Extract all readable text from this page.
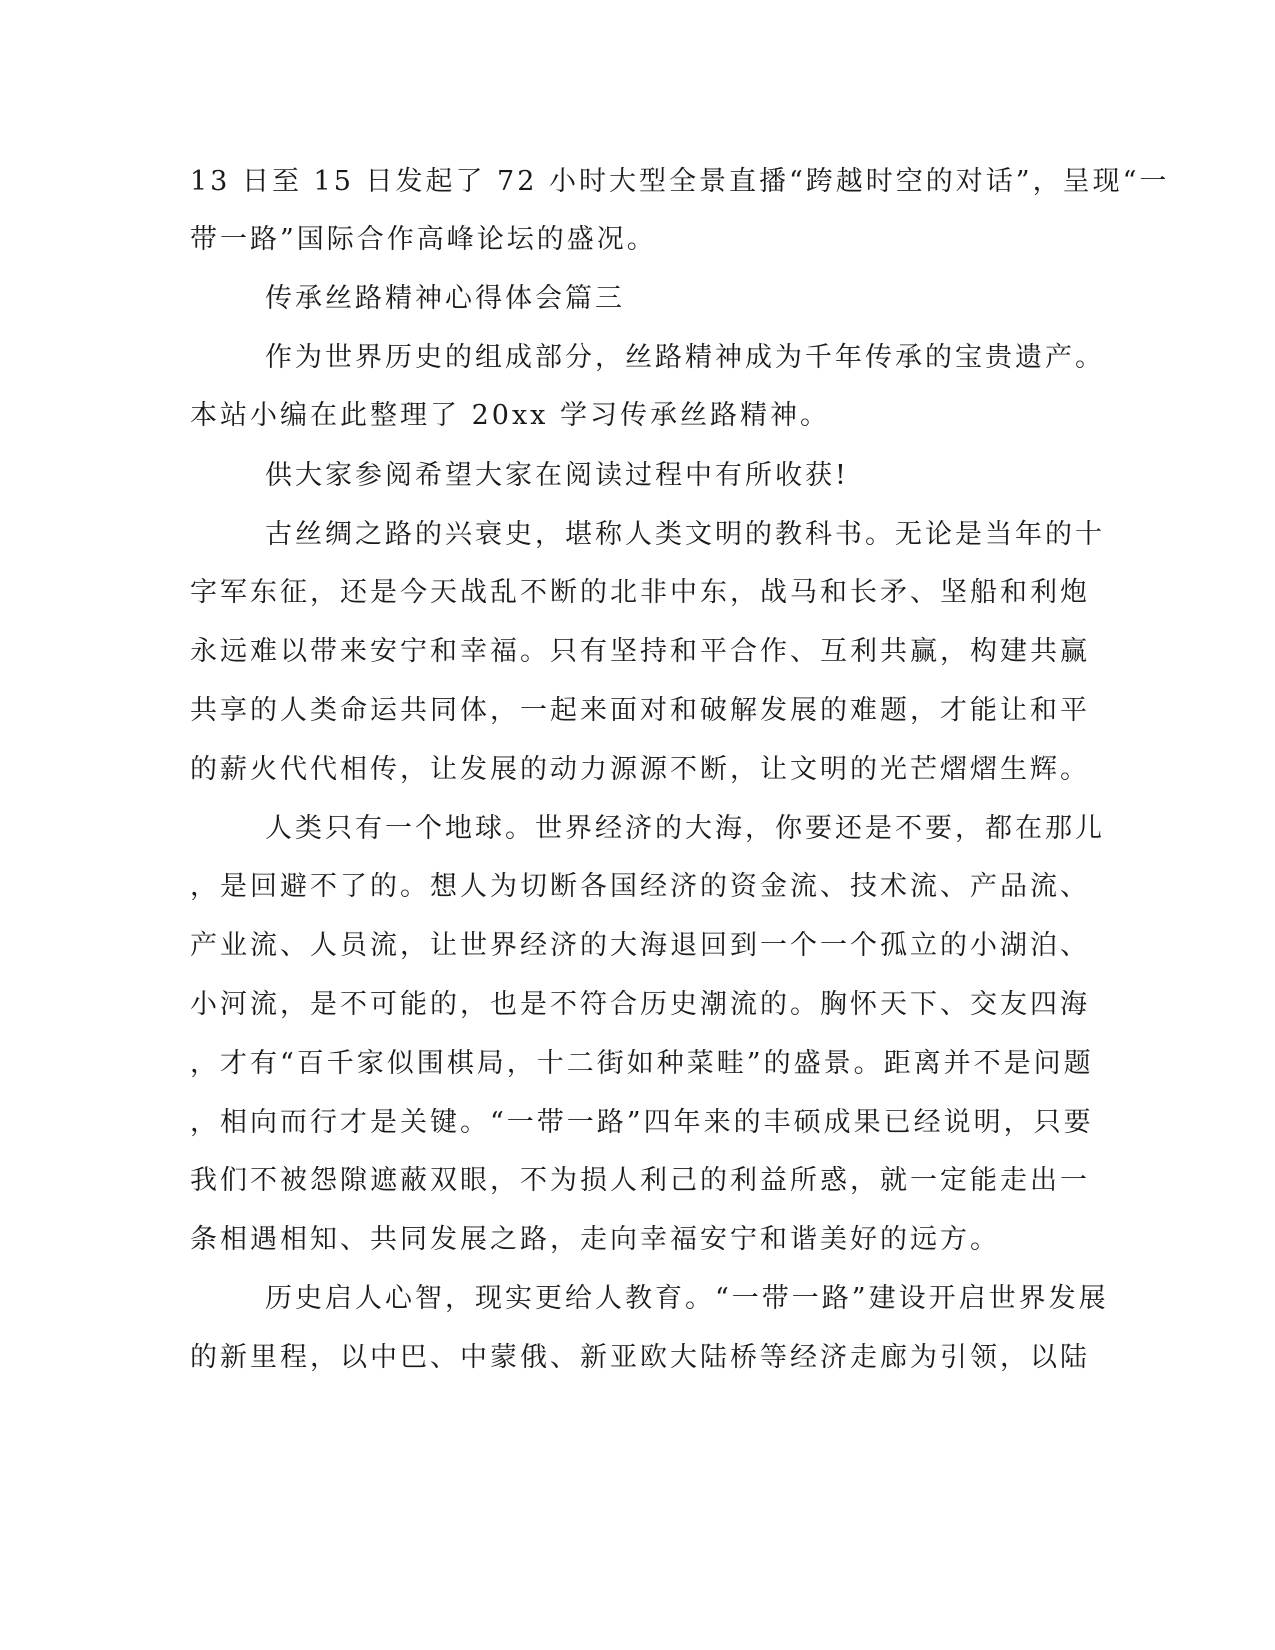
13 日至 15 日发起了 72 小时大型全景直播“跨越时空的对话”，呈现“一
带一路”国际合作高峰论坛的盛况。
传承丝路精神心得体会篇三
作为世界历史的组成部分，丝路精神成为千年传承的宝贵遗产。
本站小编在此整理了 20xx 学习传承丝路精神。
供大家参阅希望大家在阅读过程中有所收获!
古丝绸之路的兴衰史，堪称人类文明的教科书。无论是当年的十
字军东征，还是今天战乱不断的北非中东，战马和长矛、坚船和利炮
永远难以带来安宁和幸福。只有坚持和平合作、互利共赢，构建共赢
共享的人类命运共同体，一起来面对和破解发展的难题，才能让和平
的薪火代代相传，让发展的动力源源不断，让文明的光芒熠熠生辉。
人类只有一个地球。世界经济的大海，你要还是不要，都在那儿
，是回避不了的。想人为切断各国经济的资金流、技术流、产品流、
产业流、人员流，让世界经济的大海退回到一个一个孤立的小湖泊、
小河流，是不可能的，也是不符合历史潮流的。胸怀天下、交友四海
，才有“百千家似围棋局，十二街如种菜畦”的盛景。距离并不是问题
，相向而行才是关键。“一带一路”四年来的丰硕成果已经说明，只要
我们不被怨隙遮蔽双眼，不为损人利己的利益所惑，就一定能走出一
条相遇相知、共同发展之路，走向幸福安宁和谐美好的远方。
历史启人心智，现实更给人教育。“一带一路”建设开启世界发展
的新里程，以中巴、中蒙俄、新亚欧大陆桥等经济走廊为引领，以陆
